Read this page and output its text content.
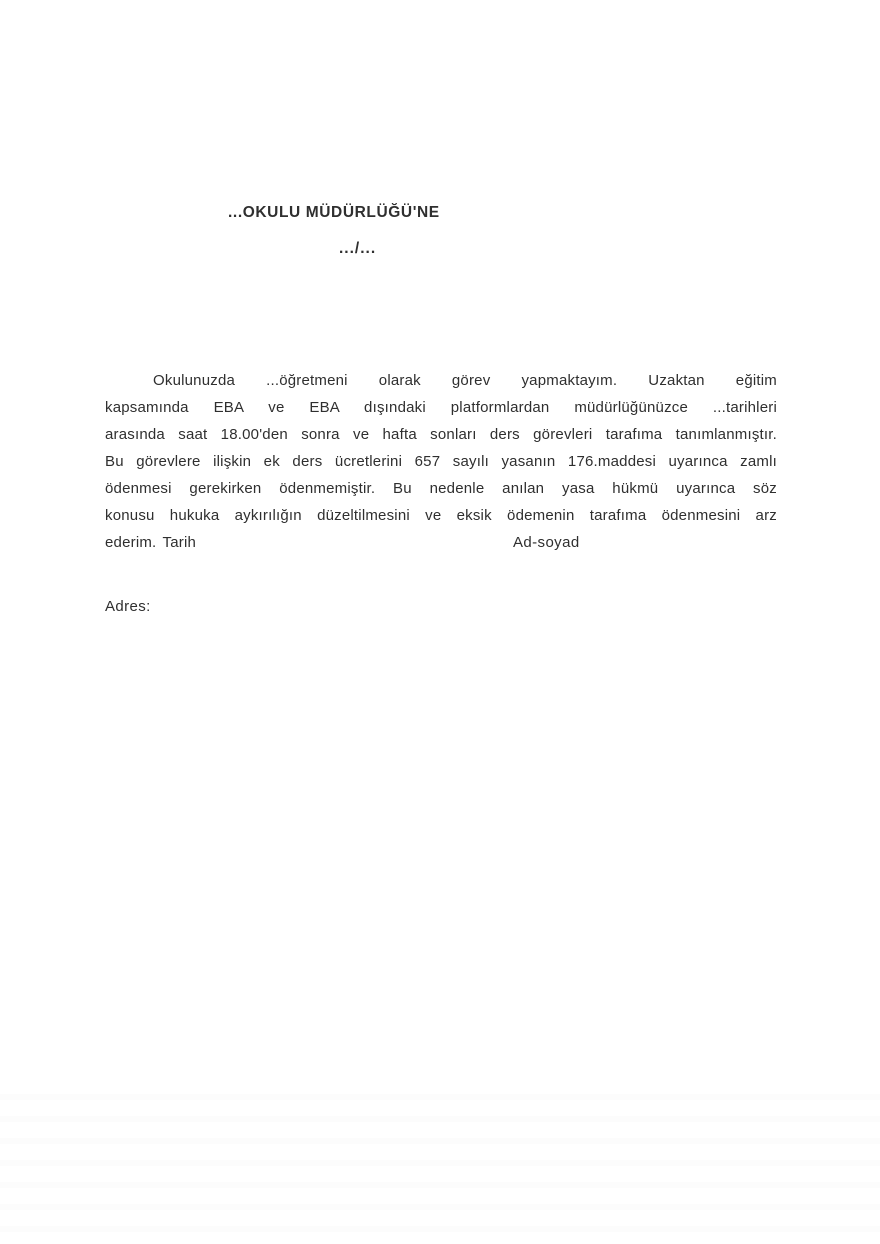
...OKULU MÜDÜRLÜĞÜ'NE
.../...
Okulunuzda ...öğretmeni olarak görev yapmaktayım. Uzaktan eğitim
kapsamında EBA ve EBA dışındaki platformlardan müdürlüğünüzce ...tarihleri
arasında saat 18.00'den sonra ve hafta sonları ders görevleri tarafıma tanımlanmıştır.
Bu görevlere ilişkin ek ders ücretlerini 657 sayılı yasanın 176.maddesi uyarınca zamlı
ödenmesi gerekirken ödenmemiştir. Bu nedenle anılan yasa hükmü uyarınca söz
konusu hukuka aykırılığın düzeltilmesini ve eksik ödemenin tarafıma ödenmesini arz
ederim. Tarih	Ad-soyad
Adres:
